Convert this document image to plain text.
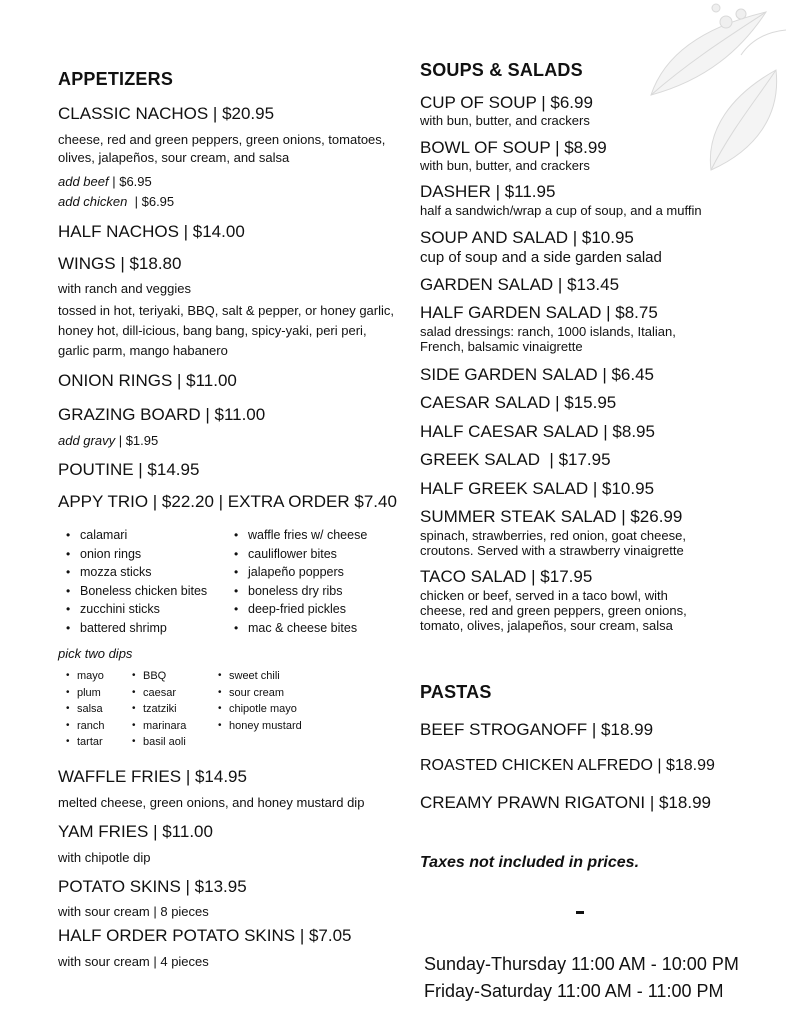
APPETIZERS
CLASSIC NACHOS | $20.95
cheese, red and green peppers, green onions, tomatoes, olives, jalapeños, sour cream, and salsa
add beef | $6.95
add chicken  | $6.95
HALF NACHOS | $14.00
WINGS | $18.80
with ranch and veggies
tossed in hot, teriyaki, BBQ, salt & pepper, or honey garlic, honey hot, dill-icious, bang bang, spicy-yaki, peri peri, garlic parm, mango habanero
ONION RINGS | $11.00
GRAZING BOARD | $11.00
add gravy | $1.95
POUTINE | $14.95
APPY TRIO | $22.20 | EXTRA ORDER $7.40
• calamari
• onion rings
• mozza sticks
• Boneless chicken bites
• zucchini sticks
• battered shrimp
• waffle fries w/ cheese
• cauliflower bites
• jalapeño poppers
• boneless dry ribs
• deep-fried pickles
• mac & cheese bites
pick two dips
• mayo
• plum
• salsa
• ranch
• tartar
• BBQ
• caesar
• tzatziki
• marinara
• basil aoli
• sweet chili
• sour cream
• chipotle mayo
• honey mustard
WAFFLE FRIES | $14.95
melted cheese, green onions, and honey mustard dip
YAM FRIES | $11.00
with chipotle dip
POTATO SKINS | $13.95
with sour cream | 8 pieces
HALF ORDER POTATO SKINS | $7.05
with sour cream | 4 pieces
SOUPS & SALADS
CUP OF SOUP | $6.99
with bun, butter, and crackers
BOWL OF SOUP | $8.99
with bun, butter, and crackers
DASHER | $11.95
half a sandwich/wrap a cup of soup, and a muffin
SOUP AND SALAD | $10.95
cup of soup and a side garden salad
GARDEN SALAD | $13.45
HALF GARDEN SALAD | $8.75
salad dressings: ranch, 1000 islands, Italian, French, balsamic vinaigrette
SIDE GARDEN SALAD | $6.45
CAESAR SALAD | $15.95
HALF CAESAR SALAD | $8.95
GREEK SALAD  | $17.95
HALF GREEK SALAD | $10.95
SUMMER STEAK SALAD | $26.99
spinach, strawberries, red onion, goat cheese, croutons. Served with a strawberry vinaigrette
TACO SALAD | $17.95
chicken or beef, served in a taco bowl, with cheese, red and green peppers, green onions, tomato, olives, jalapeños, sour cream, salsa
PASTAS
BEEF STROGANOFF | $18.99
ROASTED CHICKEN ALFREDO | $18.99
CREAMY PRAWN RIGATONI | $18.99
Taxes not included in prices.
Sunday-Thursday 11:00 AM - 10:00 PM
Friday-Saturday 11:00 AM - 11:00 PM
